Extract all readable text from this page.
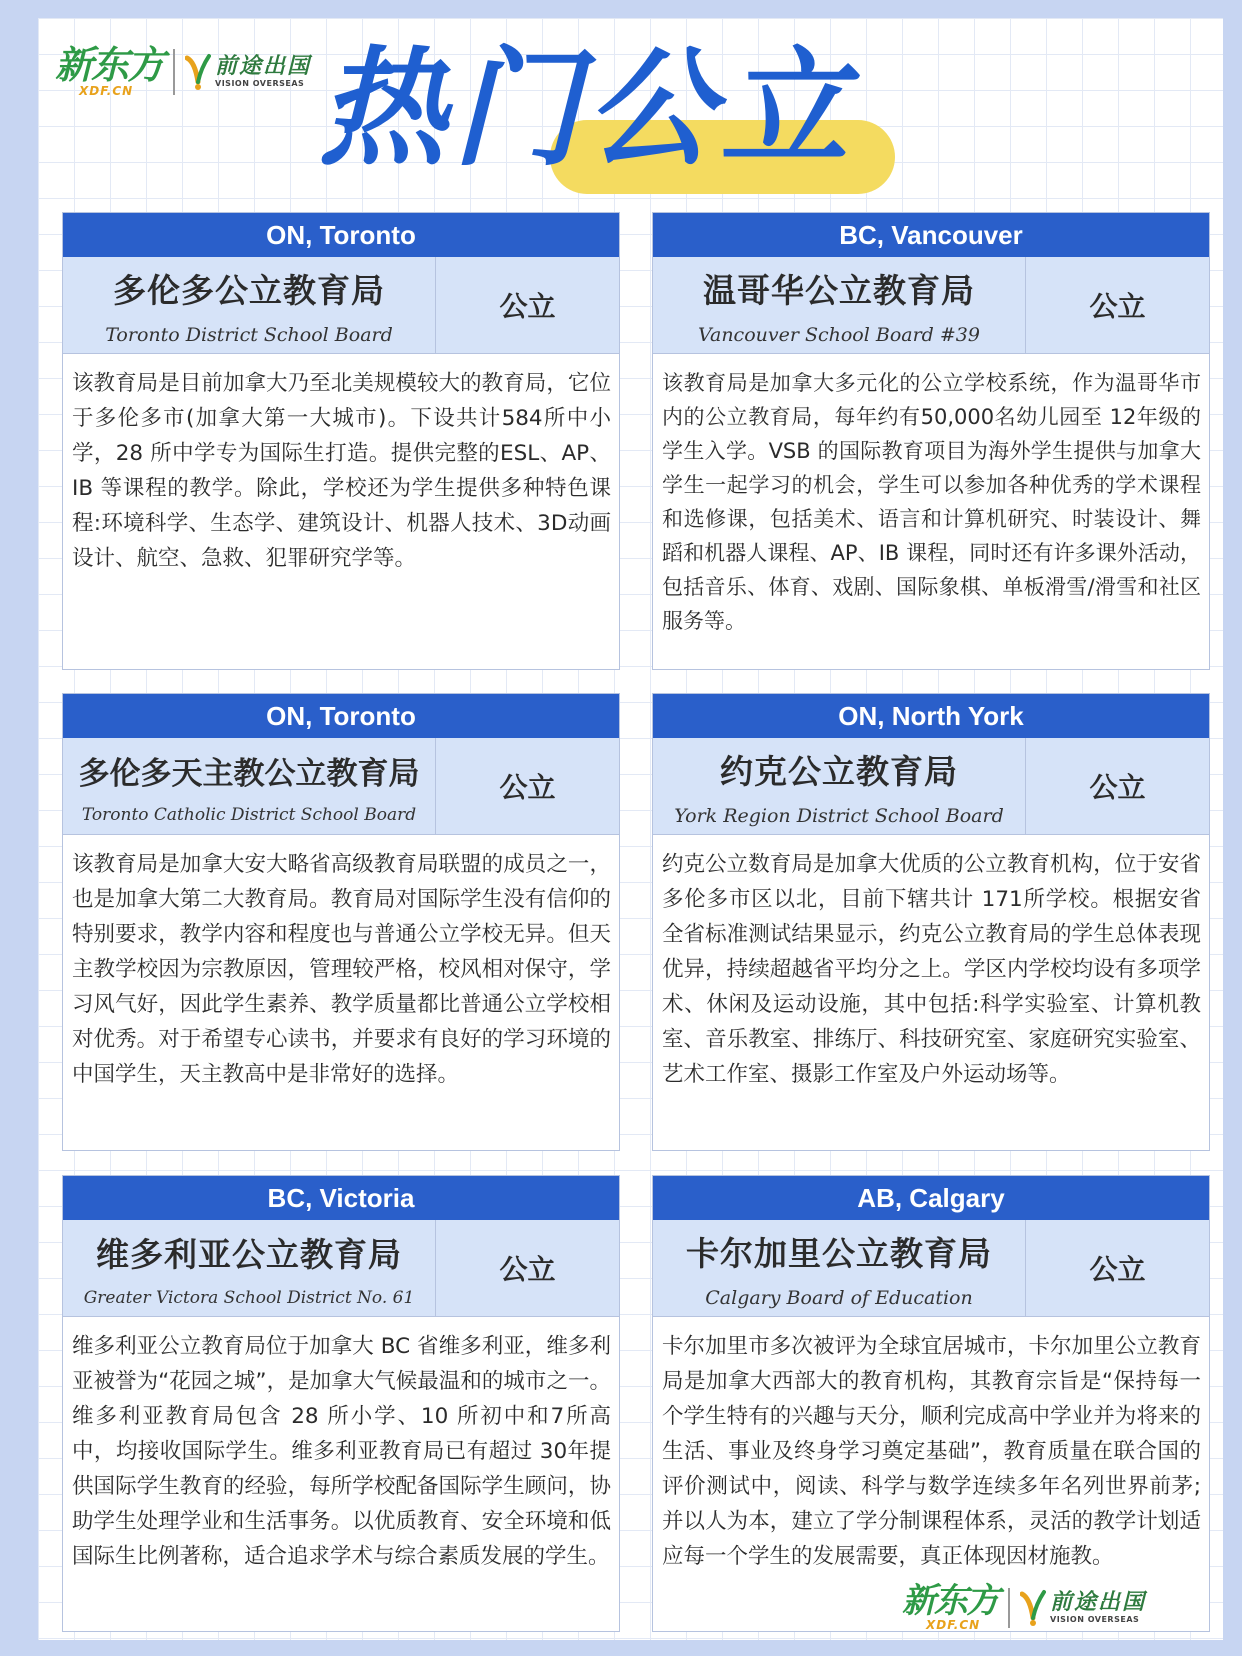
新东方
XDF.CN
前途出国
VISION OVERSEAS 热门公立
ON, Toronto
多伦多公立教育局
Toronto District School Board
公立
该教育局是目前加拿大乃至北美规模较大的教育局，它位于多伦多市(加拿大第一大城市)。下设共计584所中小学，28 所中学专为国际生打造。提供完整的ESL、AP、IB 等课程的教学。除此，学校还为学生提供多种特色课程:环境科学、生态学、建筑设计、机器人技术、3D动画设计、航空、急救、犯罪研究学等。
BC, Vancouver
温哥华公立教育局
Vancouver School Board #39
公立
该教育局是加拿大多元化的公立学校系统，作为温哥华市内的公立教育局，每年约有50,000名幼儿园至 12年级的学生入学。VSB 的国际教育项目为海外学生提供与加拿大学生一起学习的机会，学生可以参加各种优秀的学术课程和选修课，包括美术、语言和计算机研究、时装设计、舞蹈和机器人课程、AP、IB 课程，同时还有许多课外活动，包括音乐、体育、戏剧、国际象棋、单板滑雪/滑雪和社区服务等。
ON, Toronto
多伦多天主教公立教育局
Toronto Catholic District School Board
公立
该教育局是加拿大安大略省高级教育局联盟的成员之一，也是加拿大第二大教育局。教育局对国际学生没有信仰的特别要求，教学内容和程度也与普通公立学校无异。但天主教学校因为宗教原因，管理较严格，校风相对保守，学习风气好，因此学生素养、教学质量都比普通公立学校相对优秀。对于希望专心读书，并要求有良好的学习环境的中国学生，天主教高中是非常好的选择。
ON, North York
约克公立教育局
York Region District School Board
公立
约克公立数育局是加拿大优质的公立教育机构，位于安省多伦多市区以北，目前下辖共计 171所学校。根据安省全省标准测试结果显示，约克公立教育局的学生总体表现优异，持续超越省平均分之上。学区内学校均设有多项学术、休闲及运动设施，其中包括:科学实验室、计算机教室、音乐教室、排练厅、科技研究室、家庭研究实验室、艺术工作室、摄影工作室及户外运动场等。
BC, Victoria
维多利亚公立教育局
Greater Victora School District No. 61
公立
维多利亚公立教育局位于加拿大 BC 省维多利亚，维多利亚被誉为“花园之城”，是加拿大气候最温和的城市之一。维多利亚教育局包含 28 所小学、10 所初中和7所高中，均接收国际学生。维多利亚教育局已有超过 30年提供国际学生教育的经验，每所学校配备国际学生顾问，协助学生处理学业和生活事务。以优质教育、安全环境和低国际生比例著称，适合追求学术与综合素质发展的学生。
AB, Calgary
卡尔加里公立教育局
Calgary Board of Education
公立
卡尔加里市多次被评为全球宜居城市，卡尔加里公立教育局是加拿大西部大的教育机构，其教育宗旨是“保持每一个学生特有的兴趣与天分，顺利完成高中学业并为将来的生活、事业及终身学习奠定基础”，教育质量在联合国的评价测试中，阅读、科学与数学连续多年名列世界前茅;并以人为本，建立了学分制课程体系，灵活的教学计划适应每一个学生的发展需要，真正体现因材施教。
新东方
XDF.CN
前途出国
VISION OVERSEAS
